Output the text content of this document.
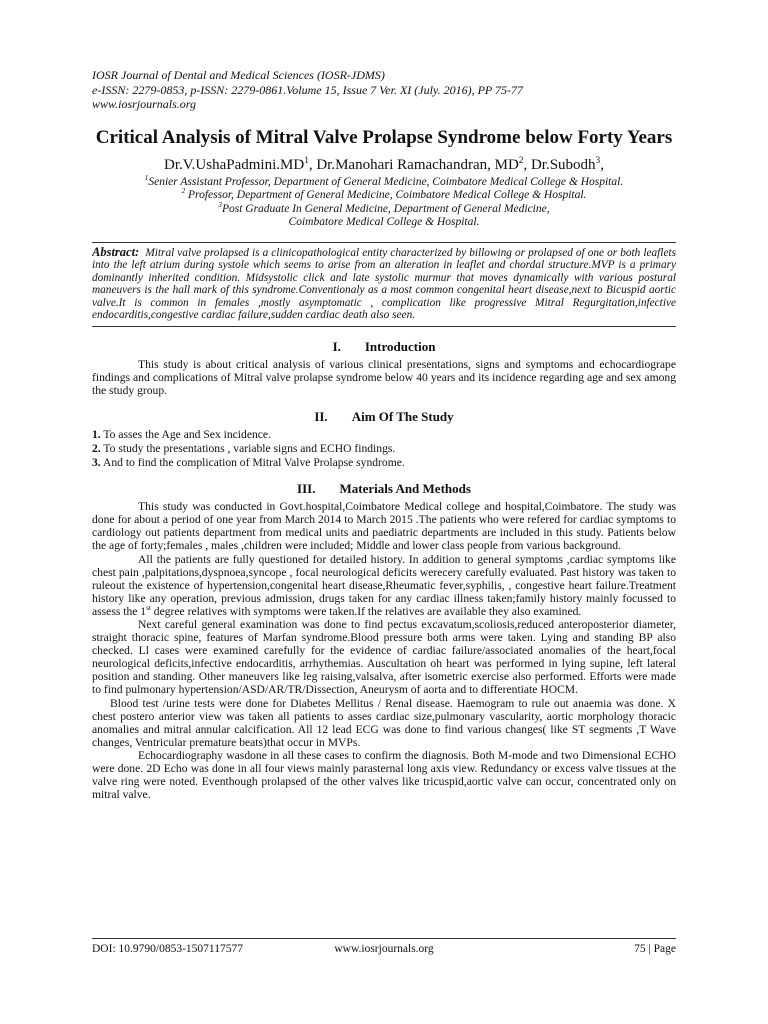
IOSR Journal of Dental and Medical Sciences (IOSR-JDMS)
e-ISSN: 2279-0853, p-ISSN: 2279-0861.Volume 15, Issue 7 Ver. XI (July. 2016), PP 75-77
www.iosrjournals.org
Critical Analysis of Mitral Valve Prolapse Syndrome below Forty Years
$Dr.V.UshaPadmini.MD^1$, Dr.Manohari Ramachandran, $MD^2$, Dr.Subodh$^3$,
$^1$Senier Assistant Professor, Department of General Medicine, Coimbatore Medical College & Hospital.
$^2$ Professor, Department of General Medicine, Coimbatore Medical College & Hospital.
$^3$Post Graduate In General Medicine, Department of General Medicine,
Coimbatore Medical College & Hospital.
Abstract: Mitral valve prolapsed is a clinicopathological entity characterized by billowing or prolapsed of one or both leaflets into the left atrium during systole which seems to arise from an alteration in leaflet and chordal structure.MVP is a primary dominantly inherited condition. Midsystolic click and late systolic murmur that moves dynamically with various postural maneuvers is the hall mark of this syndrome.Conventionaly as a most common congenital heart disease,next to Bicuspid aortic valve.It is common in females ,mostly asymptomatic , complication like progressive Mitral Regurgitation,infective endocarditis,congestive cardiac failure,sudden cardiac death also seen.
I. Introduction

This study is about critical analysis of various clinical presentations, signs and symptoms and echocardiogrape findings and complications of Mitral valve prolapse syndrome below 40 years and its incidence regarding age and sex among the study group.

II. Aim Of The Study
1. To asses the Age and Sex incidence.
2. To study the presentations , variable signs and ECHO findings.
3. And to find the complication of Mitral Valve Prolapse syndrome.
III. Materials And Methods

This study was conducted in Govt.hospital,Coimbatore Medical college and hospital,Coimbatore. The study was done for about a period of one year from March 2014 to March 2015 .The patients who were refered for cardiac symptoms to cardiology out patients department from medical units and paediatric departments are included in this study. Patients below the age of forty;females , males ,children were included; Middle and lower class people from various background.

All the patients are fully questioned for detailed history. In addition to general symptoms ,cardiac symptoms like chest pain ,palpitations,dyspnoea,syncope , focal neurological deficits werecery carefully evaluated. Past history was taken to ruleout the existence of hypertension,congenital heart disease,Rheumatic fever,syphilis, , congestive heart failure.Treatment history like any operation, previous admission, drugs taken for any cardiac illness taken;family history mainly focussed to assess the 1st degree relatives with symptoms were taken.If the relatives are available they also examined.

Next careful general examination was done to find pectus excavatum,scoliosis,reduced anteroposterior diameter, straight thoracic spine, features of Marfan syndrome.Blood pressure both arms were taken. Lying and standing BP also checked. Ll cases were examined carefully for the evidence of cardiac failure/associated anomalies of the heart,focal neurological deficits,infective endocarditis, arrhythemias. Auscultation oh heart was performed in lying supine, left lateral position and standing. Other maneuvers like leg raising,valsalva, after isometric exercise also performed. Efforts were made to find pulmonary hypertension/ASD/AR/TR/Dissection, Aneurysm of aorta and to differentiate HOCM.

Blood test /urine tests were done for Diabetes Mellitus / Renal disease. Haemogram to rule out anaemia was done. X chest postero anterior view was taken all patients to asses cardiac size,pulmonary vascularity, aortic morphology thoracic anomalies and mitral annular calcification. All 12 lead ECG was done to find various changes( like ST segments ,T Wave changes, Ventricular premature beats)that occur in MVPs.

Echocardiography wasdone in all these cases to confirm the diagnosis. Both M-mode and two Dimensional ECHO were done. 2D Echo was done in all four views mainly parasternal long axis view. Redundancy or excess valve tissues at the valve ring were noted. Eventhough prolapsed of the other valves like tricuspid,aortic valve can occur, concentrated only on mitral valve.

DOI: 10.9790/0853-1507117577	www.iosrjournals.org	75 | Page
